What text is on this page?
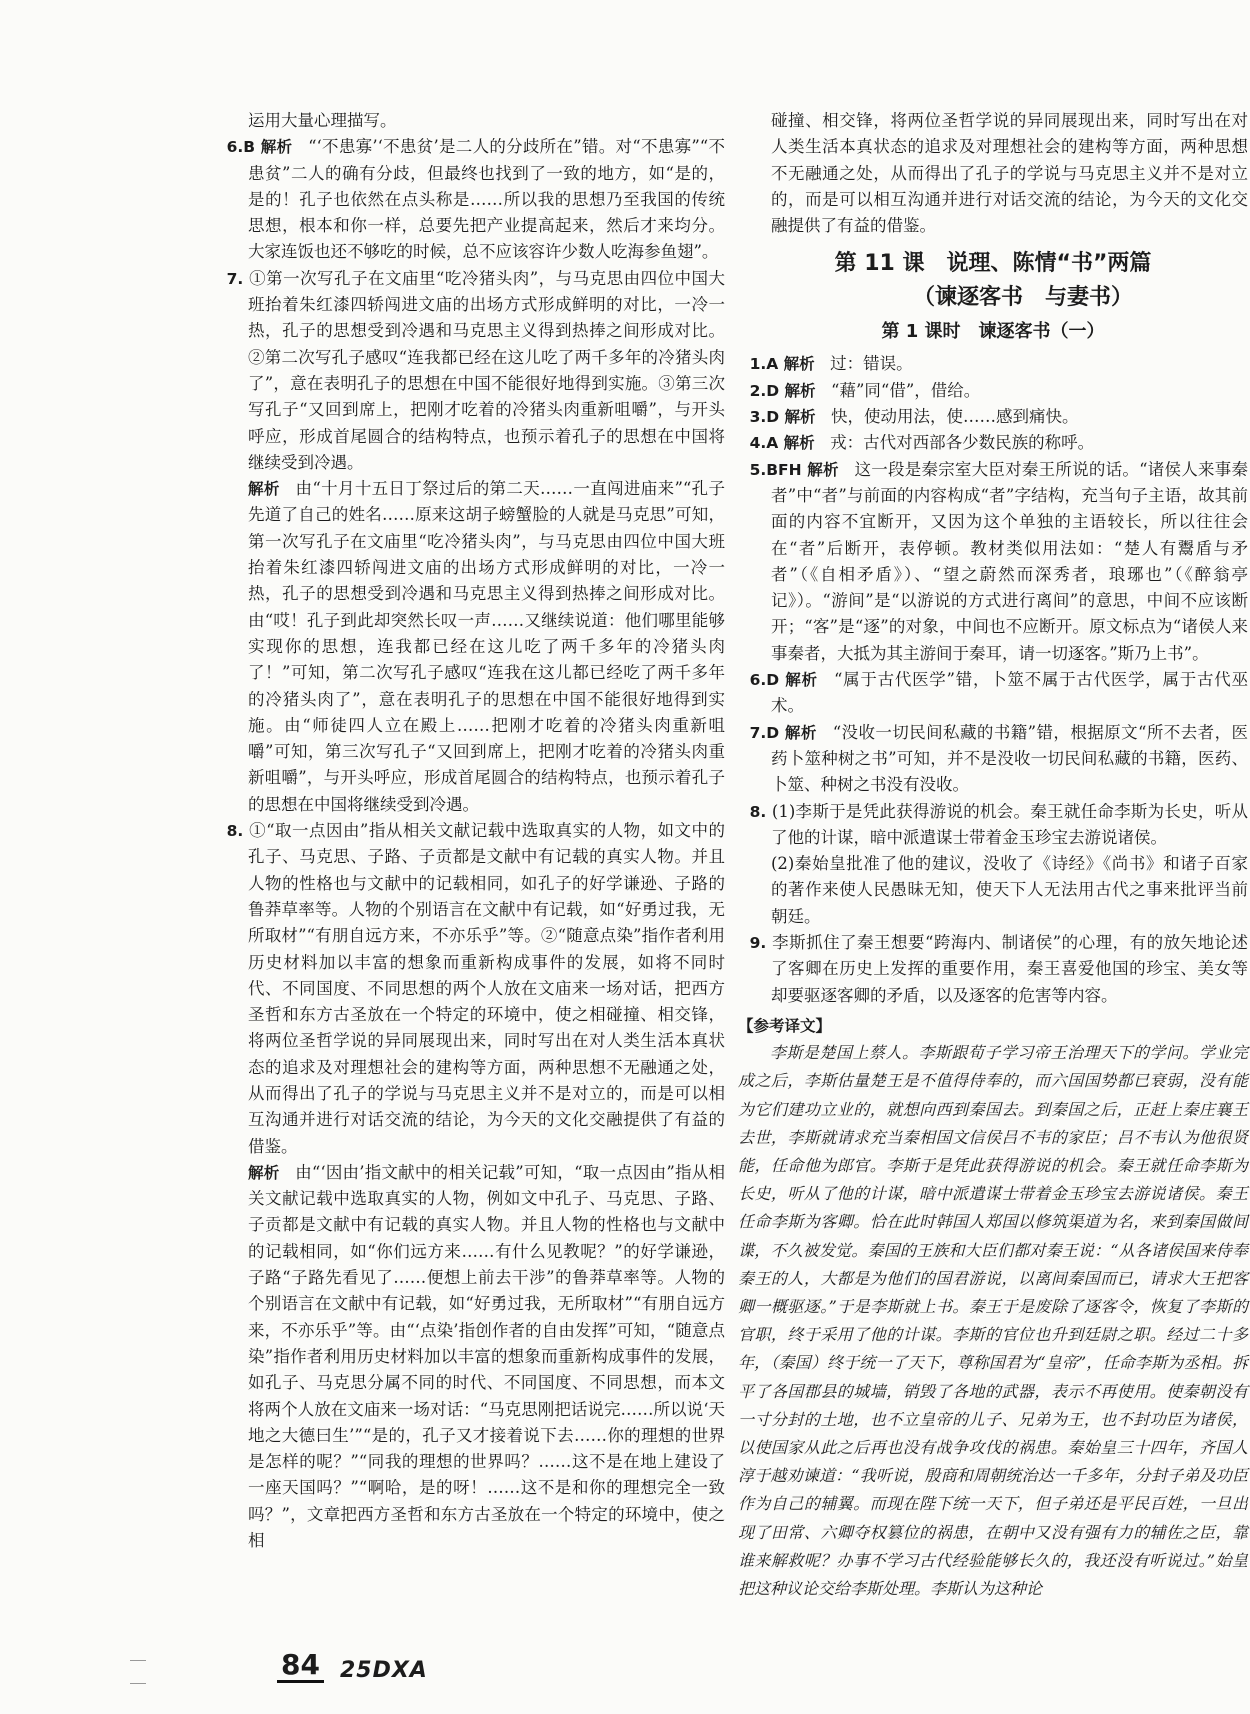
运用大量心理描写。

6.B 解析　“‘不患寡’‘不患贫’是二人的分歧所在”错。对“不患寡”“不患贫”二人的确有分歧，但最终也找到了一致的地方，如“是的，是的！孔子也依然在点头称是……所以我的思想乃至我国的传统思想，根本和你一样，总要先把产业提高起来，然后才来均分。大家连饭也还不够吃的时候，总不应该容许少数人吃海参鱼翅”。

7. ①第一次写孔子在文庙里“吃冷猪头肉”，与马克思由四位中国大班抬着朱红漆四轿闯进文庙的出场方式形成鲜明的对比，一冷一热，孔子的思想受到冷遇和马克思主义得到热捧之间形成对比。②第二次写孔子感叹“连我都已经在这儿吃了两千多年的冷猪头肉了”，意在表明孔子的思想在中国不能很好地得到实施。③第三次写孔子“又回到席上，把刚才吃着的冷猪头肉重新咀嚼”，与开头呼应，形成首尾圆合的结构特点，也预示着孔子的思想在中国将继续受到冷遇。

解析　由“十月十五日丁祭过后的第二天……一直闯进庙来”“孔子先道了自己的姓名……原来这胡子螃蟹脸的人就是马克思”可知，第一次写孔子在文庙里“吃冷猪头肉”，与马克思由四位中国大班抬着朱红漆四轿闯进文庙的出场方式形成鲜明的对比，一冷一热，孔子的思想受到冷遇和马克思主义得到热捧之间形成对比。由“哎！孔子到此却突然长叹一声……又继续说道：他们哪里能够实现你的思想，连我都已经在这儿吃了两千多年的冷猪头肉了！”可知，第二次写孔子感叹“连我在这儿都已经吃了两千多年的冷猪头肉了”，意在表明孔子的思想在中国不能很好地得到实施。由“师徒四人立在殿上……把刚才吃着的冷猪头肉重新咀嚼”可知，第三次写孔子“又回到席上，把刚才吃着的冷猪头肉重新咀嚼”，与开头呼应，形成首尾圆合的结构特点，也预示着孔子的思想在中国将继续受到冷遇。

8. ①“取一点因由”指从相关文献记载中选取真实的人物，如文中的孔子、马克思、子路、子贡都是文献中有记载的真实人物。并且人物的性格也与文献中的记载相同，如孔子的好学谦逊、子路的鲁莽草率等。人物的个别语言在文献中有记载，如“好勇过我，无所取材”“有朋自远方来，不亦乐乎”等。②“随意点染”指作者利用历史材料加以丰富的想象而重新构成事件的发展，如将不同时代、不同国度、不同思想的两个人放在文庙来一场对话，把西方圣哲和东方古圣放在一个特定的环境中，使之相碰撞、相交锋，将两位圣哲学说的异同展现出来，同时写出在对人类生活本真状态的追求及对理想社会的建构等方面，两种思想不无融通之处，从而得出了孔子的学说与马克思主义并不是对立的，而是可以相互沟通并进行对话交流的结论，为今天的文化交融提供了有益的借鉴。

解析　由“‘因由’指文献中的相关记载”可知，“取一点因由”指从相关文献记载中选取真实的人物，例如文中孔子、马克思、子路、子贡都是文献中有记载的真实人物。并且人物的性格也与文献中的记载相同，如“你们远方来……有什么见教呢？”的好学谦逊，子路“子路先看见了……便想上前去干涉”的鲁莽草率等。人物的个别语言在文献中有记载，如“好勇过我，无所取材”“有朋自远方来，不亦乐乎”等。由“‘点染’指创作者的自由发挥”可知，“随意点染”指作者利用历史材料加以丰富的想象而重新构成事件的发展，如孔子、马克思分属不同的时代、不同国度、不同思想，而本文将两个人放在文庙来一场对话：“马克思刚把话说完……所以说‘天地之大德曰生’”“是的，孔子又才接着说下去……你的理想的世界是怎样的呢？”“同我的理想的世界吗？……这不是在地上建设了一座天国吗？”“啊哈，是的呀！……这不是和你的理想完全一致吗？”，文章把西方圣哲和东方古圣放在一个特定的环境中，使之相

碰撞、相交锋，将两位圣哲学说的异同展现出来，同时写出在对人类生活本真状态的追求及对理想社会的建构等方面，两种思想不无融通之处，从而得出了孔子的学说与马克思主义并不是对立的，而是可以相互沟通并进行对话交流的结论，为今天的文化交融提供了有益的借鉴。

第 11 课　说理、陈情“书”两篇
（谏逐客书　与妻书）
第 1 课时　谏逐客书（一）

1.A 解析　过：错误。

2.D 解析　“藉”同“借”，借给。

3.D 解析　快，使动用法，使……感到痛快。

4.A 解析　戎：古代对西部各少数民族的称呼。

5.BFH 解析　这一段是秦宗室大臣对秦王所说的话。“诸侯人来事秦者”中“者”与前面的内容构成“者”字结构，充当句子主语，故其前面的内容不宜断开，又因为这个单独的主语较长，所以往往会在“者”后断开，表停顿。教材类似用法如：“楚人有鬻盾与矛者”（《自相矛盾》）、“望之蔚然而深秀者，琅琊也”（《醉翁亭记》）。“游间”是“以游说的方式进行离间”的意思，中间不应该断开；“客”是“逐”的对象，中间也不应断开。原文标点为“诸侯人来事秦者，大抵为其主游间于秦耳，请一切逐客。”斯乃上书”。

6.D 解析　“属于古代医学”错，卜筮不属于古代医学，属于古代巫术。

7.D 解析　“没收一切民间私藏的书籍”错，根据原文“所不去者，医药卜筮种树之书”可知，并不是没收一切民间私藏的书籍，医药、卜筮、种树之书没有没收。

8. (1)李斯于是凭此获得游说的机会。秦王就任命李斯为长史，听从了他的计谋，暗中派遣谋士带着金玉珍宝去游说诸侯。

(2)秦始皇批准了他的建议，没收了《诗经》《尚书》和诸子百家的著作来使人民愚昧无知，使天下人无法用古代之事来批评当前朝廷。

9. 李斯抓住了秦王想要“跨海内、制诸侯”的心理，有的放矢地论述了客卿在历史上发挥的重要作用，秦王喜爱他国的珍宝、美女等却要驱逐客卿的矛盾，以及逐客的危害等内容。

【参考译文】

李斯是楚国上蔡人。李斯跟荀子学习帝王治理天下的学问。学业完成之后，李斯估量楚王是不值得侍奉的，而六国国势都已衰弱，没有能为它们建功立业的，就想向西到秦国去。到秦国之后，正赶上秦庄襄王去世，李斯就请求充当秦相国文信侯吕不韦的家臣；吕不韦认为他很贤能，任命他为郎官。李斯于是凭此获得游说的机会。秦王就任命李斯为长史，听从了他的计谋，暗中派遣谋士带着金玉珍宝去游说诸侯。秦王任命李斯为客卿。恰在此时韩国人郑国以修筑渠道为名，来到秦国做间谍，不久被发觉。秦国的王族和大臣们都对秦王说：“从各诸侯国来侍奉秦王的人，大都是为他们的国君游说，以离间秦国而已，请求大王把客卿一概驱逐。”于是李斯就上书。秦王于是废除了逐客令，恢复了李斯的官职，终于采用了他的计谋。李斯的官位也升到廷尉之职。经过二十多年，（秦国）终于统一了天下，尊称国君为“皇帝”，任命李斯为丞相。拆平了各国郡县的城墙，销毁了各地的武器，表示不再使用。使秦朝没有一寸分封的土地，也不立皇帝的儿子、兄弟为王，也不封功臣为诸侯，以使国家从此之后再也没有战争攻伐的祸患。秦始皇三十四年，齐国人淳于越劝谏道：“我听说，殷商和周朝统治达一千多年，分封子弟及功臣作为自己的辅翼。而现在陛下统一天下，但子弟还是平民百姓，一旦出现了田常、六卿夺权篡位的祸患，在朝中又没有强有力的辅佐之臣，靠谁来解救呢？办事不学习古代经验能够长久的，我还没有听说过。”始皇把这种议论交给李斯处理。李斯认为这种论

84 25DXA
